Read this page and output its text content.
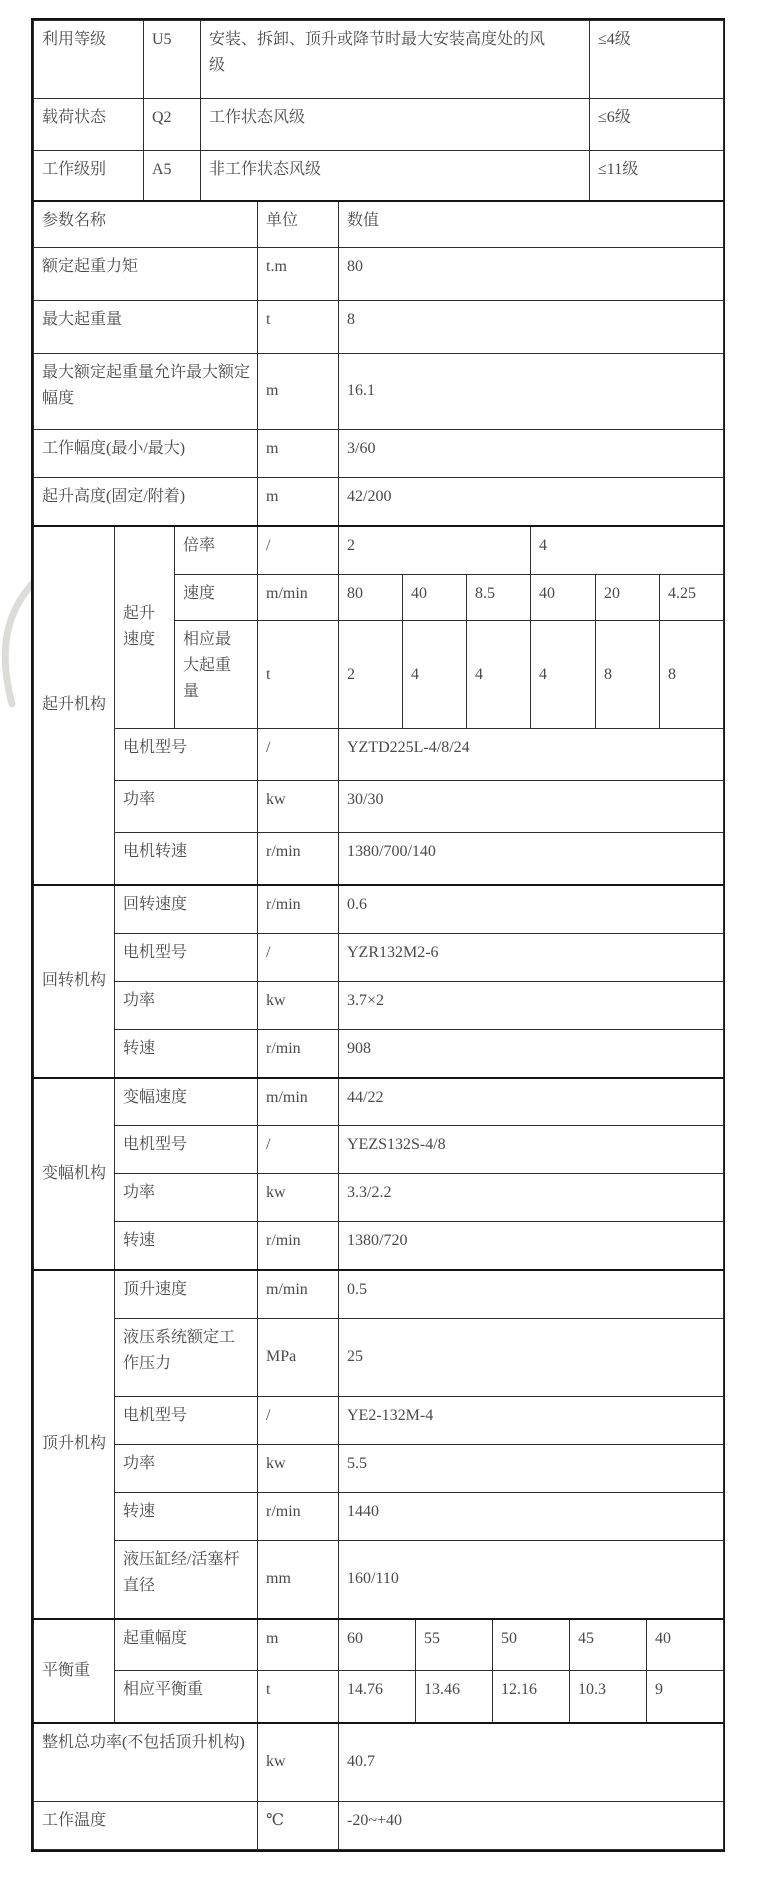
利用等级	U5	安装、拆卸、顶升或降节时最大安装高度处的风级	≤4级
载荷状态	Q2	工作状态风级	≤6级
工作级别	A5	非工作状态风级	≤11级
参数名称	单位	数值
额定起重力矩	t.m	80
最大起重量	t	8
最大额定起重量允许最大额定幅度	m	16.1
工作幅度(最小/最大)	m	3/60
起升高度(固定/附着)	m	42/200
起升机构	起升速度	倍率	/	2			4		
		速度	m/min	80	40	8.5	40	20	4.25
		相应最大起重量	t	2	4	4	4	8	8
	电机型号		/	YZTD225L-4/8/24					
	功率		kw	30/30					
	电机转速		r/min	1380/700/140					
回转机构	回转速度	r/min	0.6
	电机型号	/	YZR132M2-6
	功率	kw	3.7×2
	转速	r/min	908
变幅机构	变幅速度	m/min	44/22
	电机型号	/	YEZS132S-4/8
	功率	kw	3.3/2.2
	转速	r/min	1380/720
顶升机构	顶升速度	m/min	0.5
	液压系统额定工作压力	MPa	25
	电机型号	/	YE2-132M-4
	功率	kw	5.5
	转速	r/min	1440
	液压缸经/活塞杆直径	mm	160/110
平衡重	起重幅度	m	60	55	50	45	40
	相应平衡重	t	14.76	13.46	12.16	10.3	9
整机总功率(不包括顶升机构)	kw	40.7
工作温度	℃	-20~+40
